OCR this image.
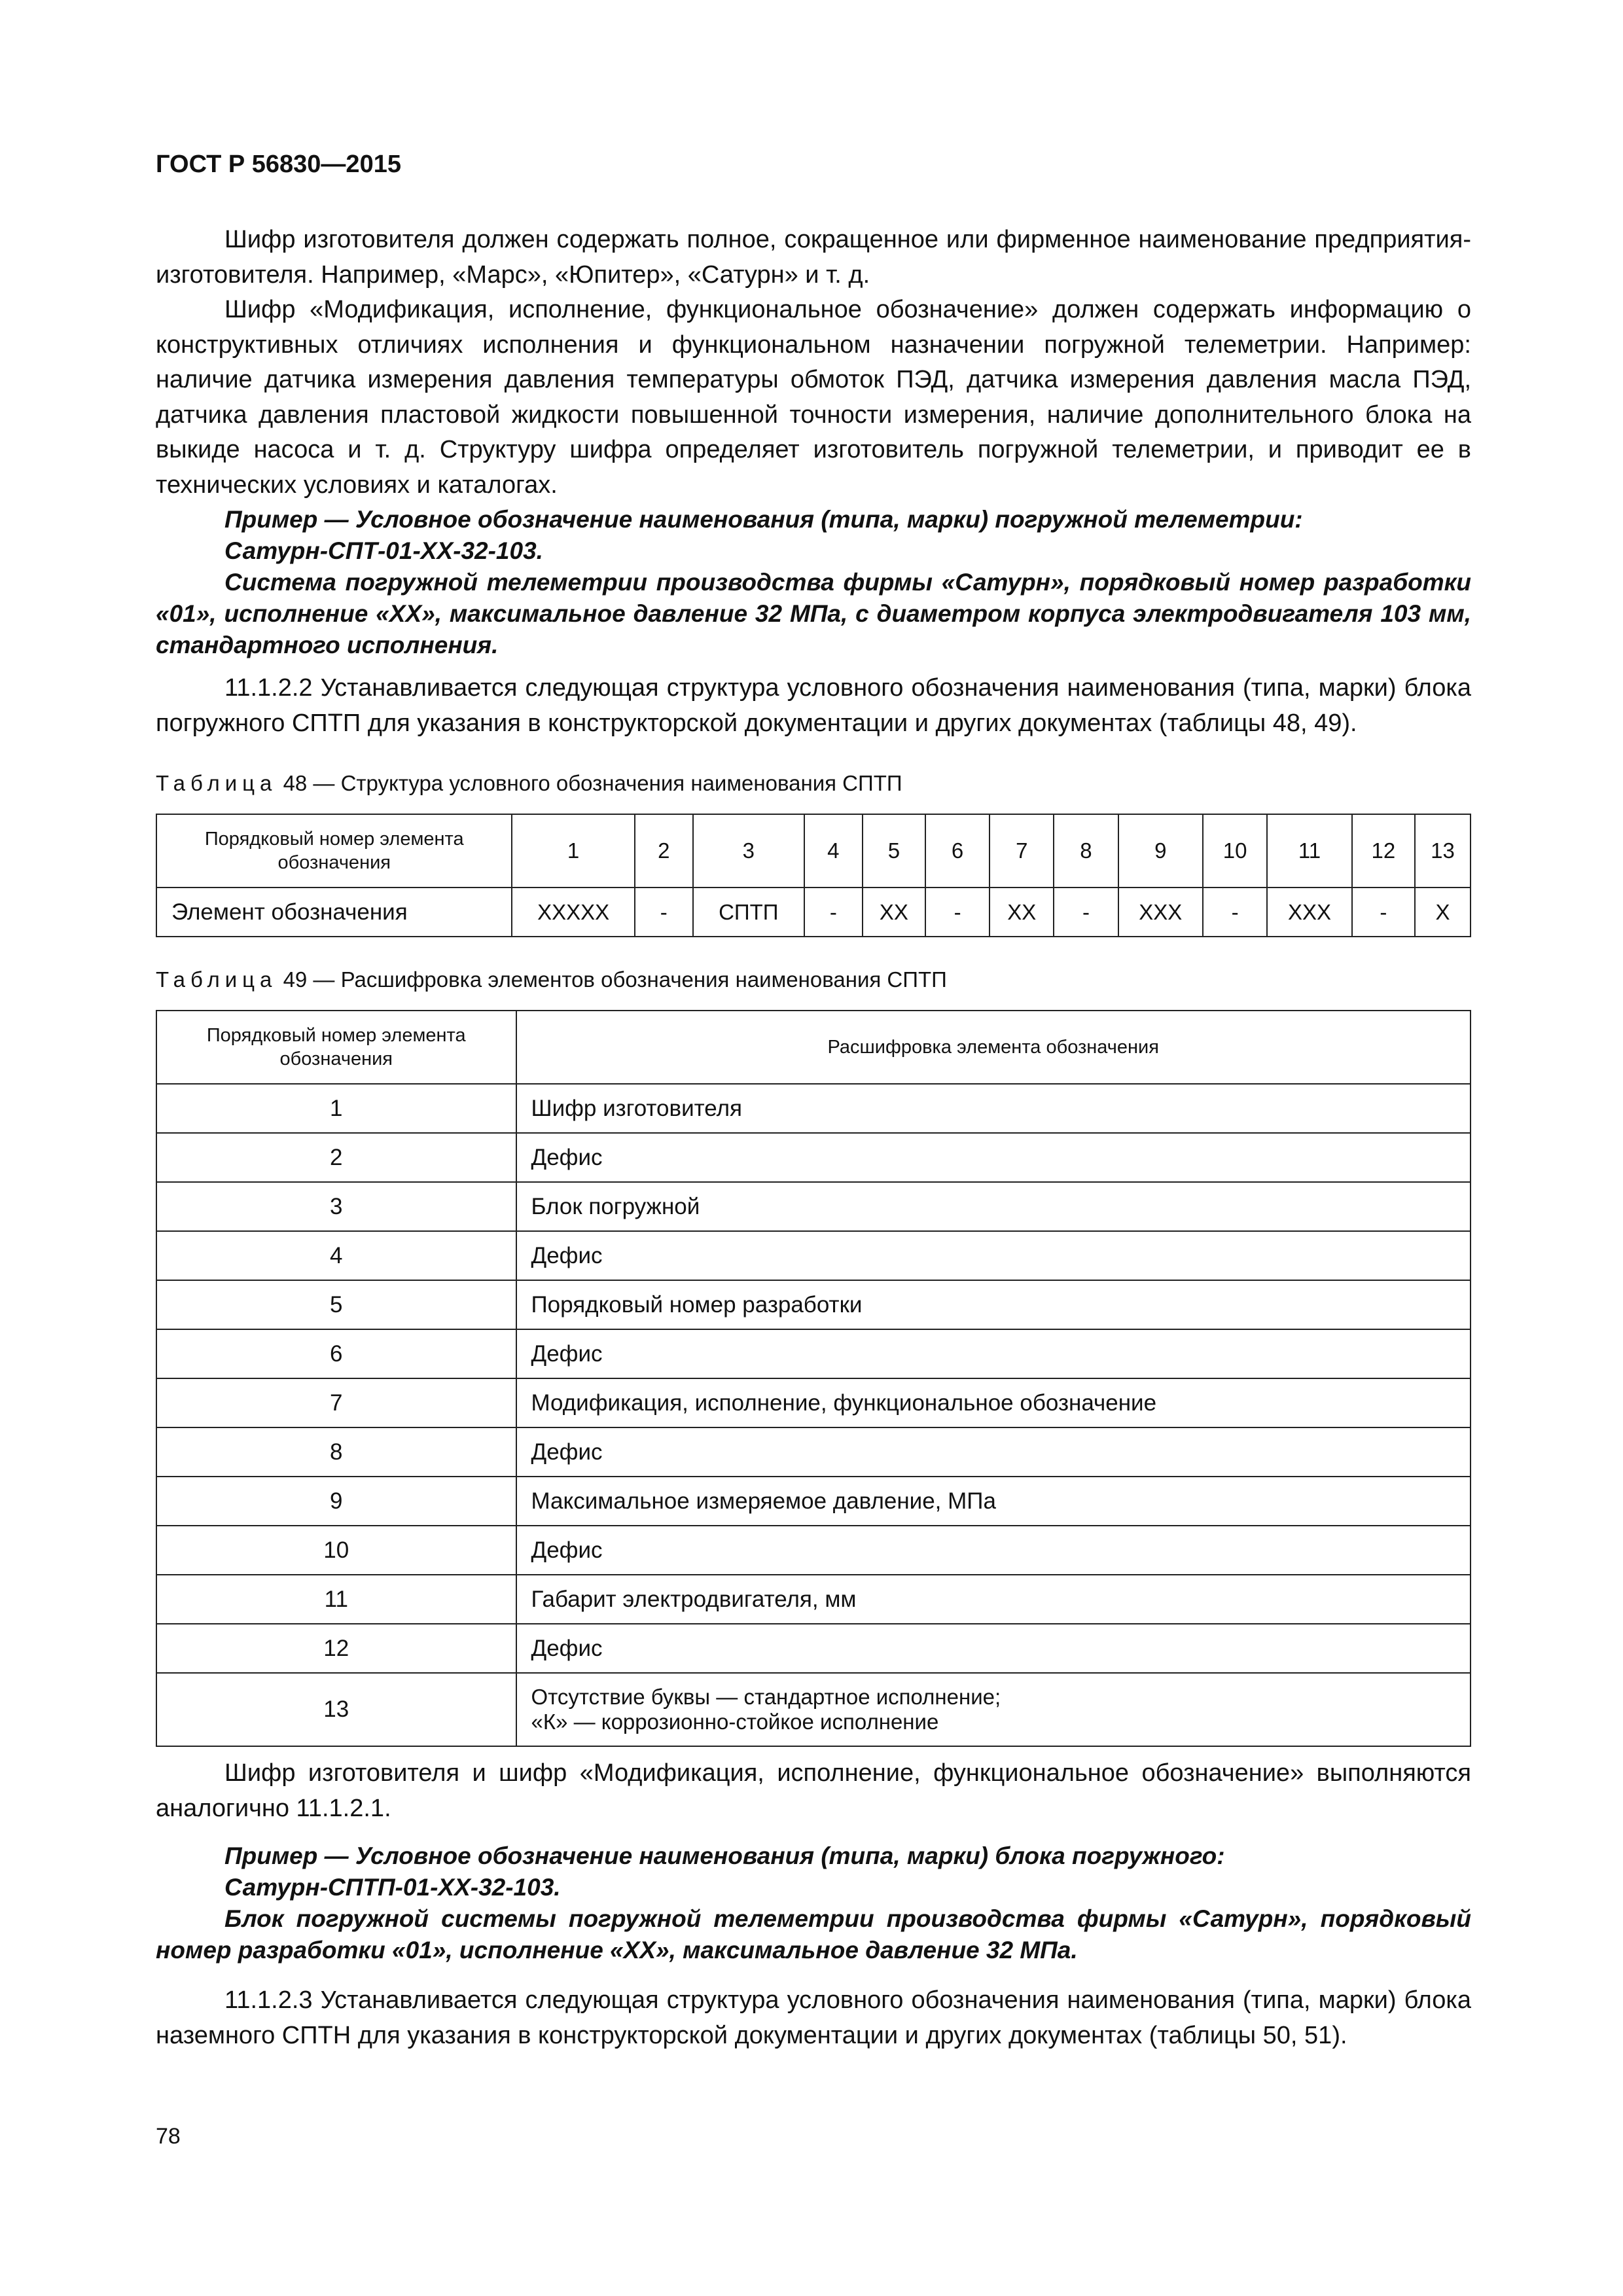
ГОСТ Р 56830—2015

Шифр изготовителя должен содержать полное, сокращенное или фирменное наименование предприятия-изготовителя. Например, «Марс», «Юпитер», «Сатурн» и т. д.

Шифр «Модификация, исполнение, функциональное обозначение» должен содержать информацию о конструктивных отличиях исполнения и функциональном назначении погружной телеметрии. Например: наличие датчика измерения давления температуры обмоток ПЭД, датчика измерения давления масла ПЭД, датчика давления пластовой жидкости повышенной точности измерения, наличие дополнительного блока на выкиде насоса и т. д. Структуру шифра определяет изготовитель погружной телеметрии, и приводит ее в технических условиях и каталогах.

Пример — Условное обозначение наименования (типа, марки) погружной телеметрии:
Сатурн-СПТ-01-ХХ-32-103.
Система погружной телеметрии производства фирмы «Сатурн», порядковый номер разработки «01», исполнение «ХХ», максимальное давление 32 МПа, с диаметром корпуса электродвигателя 103 мм, стандартного исполнения.

11.1.2.2 Устанавливается следующая структура условного обозначения наименования (типа, марки) блока погружного СПТП для указания в конструкторской документации и других документах (таблицы 48, 49).

Таблица 48 — Структура условного обозначения наименования СПТП
Порядковый номер элемента обозначения	1	2	3	4	5	6	7	8	9	10	11	12	13
Элемент обозначения	XXXXX	-	СПТП	-	XX	-	XX	-	XXX	-	XXX	-	X
Таблица 49 — Расшифровка элементов обозначения наименования СПТП
Порядковый номер элемента обозначения	Расшифровка элемента обозначения
1	Шифр изготовителя
2	Дефис
3	Блок погружной
4	Дефис
5	Порядковый номер разработки
6	Дефис
7	Модификация, исполнение, функциональное обозначение
8	Дефис
9	Максимальное измеряемое давление, МПа
10	Дефис
11	Габарит электродвигателя, мм
12	Дефис
13	Отсутствие буквы — стандартное исполнение;
«К» — коррозионно-стойкое исполнение

Шифр изготовителя и шифр «Модификация, исполнение, функциональное обозначение» выполняются аналогично 11.1.2.1.

Пример — Условное обозначение наименования (типа, марки) блока погружного:
Сатурн-СПТП-01-ХХ-32-103.
Блок погружной системы погружной телеметрии производства фирмы «Сатурн», порядковый номер разработки «01», исполнение «ХХ», максимальное давление 32 МПа.

11.1.2.3 Устанавливается следующая структура условного обозначения наименования (типа, марки) блока наземного СПТН для указания в конструкторской документации и других документах (таблицы 50, 51).

78
